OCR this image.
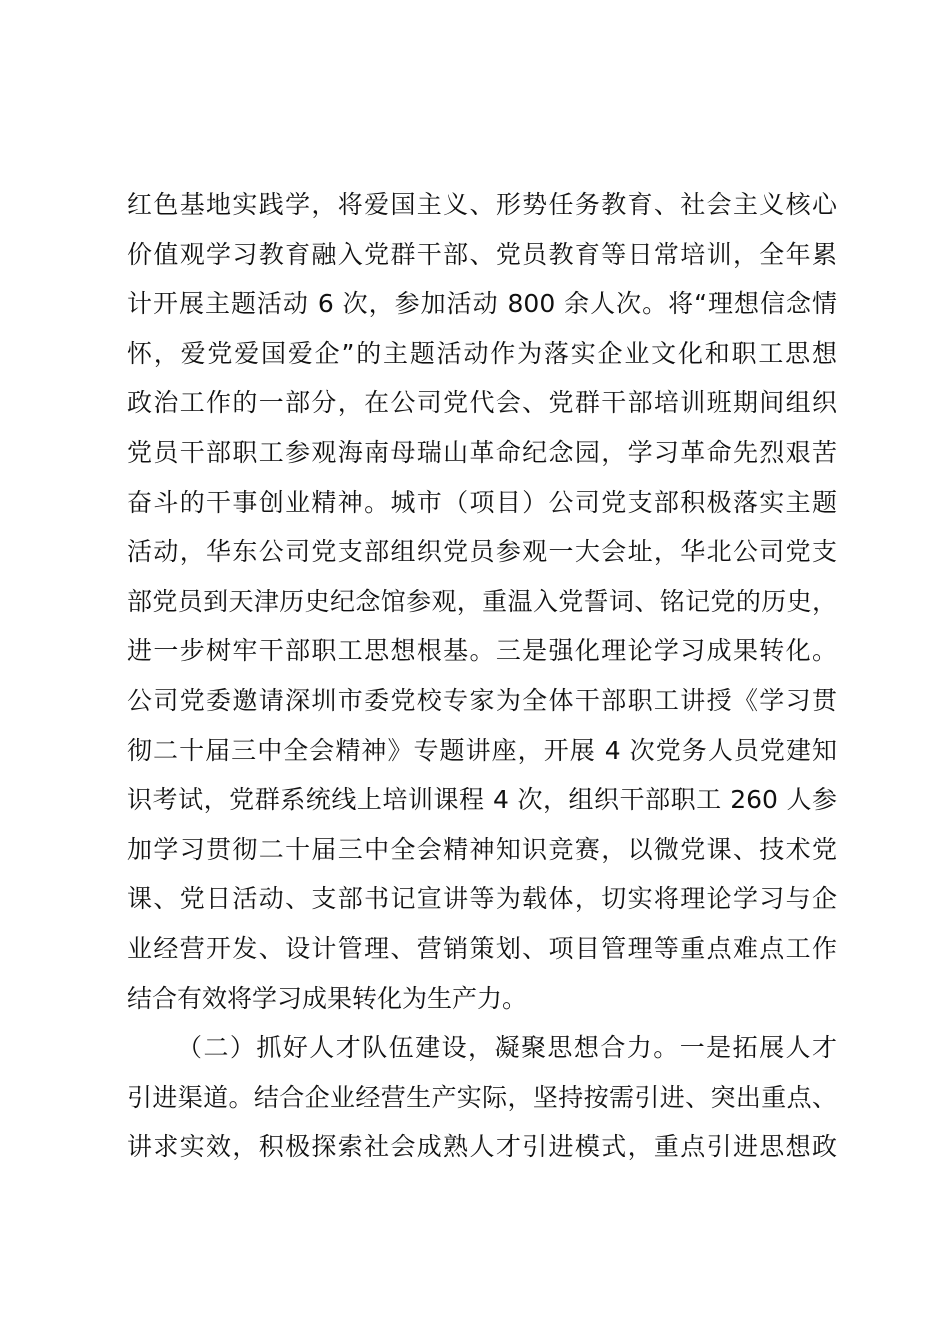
红色基地实践学，将爱国主义、形势任务教育、社会主义核心
价值观学习教育融入党群干部、党员教育等日常培训，全年累
计开展主题活动 6 次，参加活动 800 余人次。将“理想信念情
怀，爱党爱国爱企”的主题活动作为落实企业文化和职工思想
政治工作的一部分，在公司党代会、党群干部培训班期间组织
党员干部职工参观海南母瑞山革命纪念园，学习革命先烈艰苦
奋斗的干事创业精神。城市（项目）公司党支部积极落实主题
活动，华东公司党支部组织党员参观一大会址，华北公司党支
部党员到天津历史纪念馆参观，重温入党誓词、铭记党的历史，
进一步树牢干部职工思想根基。三是强化理论学习成果转化。
公司党委邀请深圳市委党校专家为全体干部职工讲授《学习贯
彻二十届三中全会精神》专题讲座，开展 4 次党务人员党建知
识考试，党群系统线上培训课程 4 次，组织干部职工 260 人参
加学习贯彻二十届三中全会精神知识竞赛，以微党课、技术党
课、党日活动、支部书记宣讲等为载体，切实将理论学习与企
业经营开发、设计管理、营销策划、项目管理等重点难点工作
结合有效将学习成果转化为生产力。
（二）抓好人才队伍建设，凝聚思想合力。一是拓展人才
引进渠道。结合企业经营生产实际，坚持按需引进、突出重点、
讲求实效，积极探索社会成熟人才引进模式，重点引进思想政
